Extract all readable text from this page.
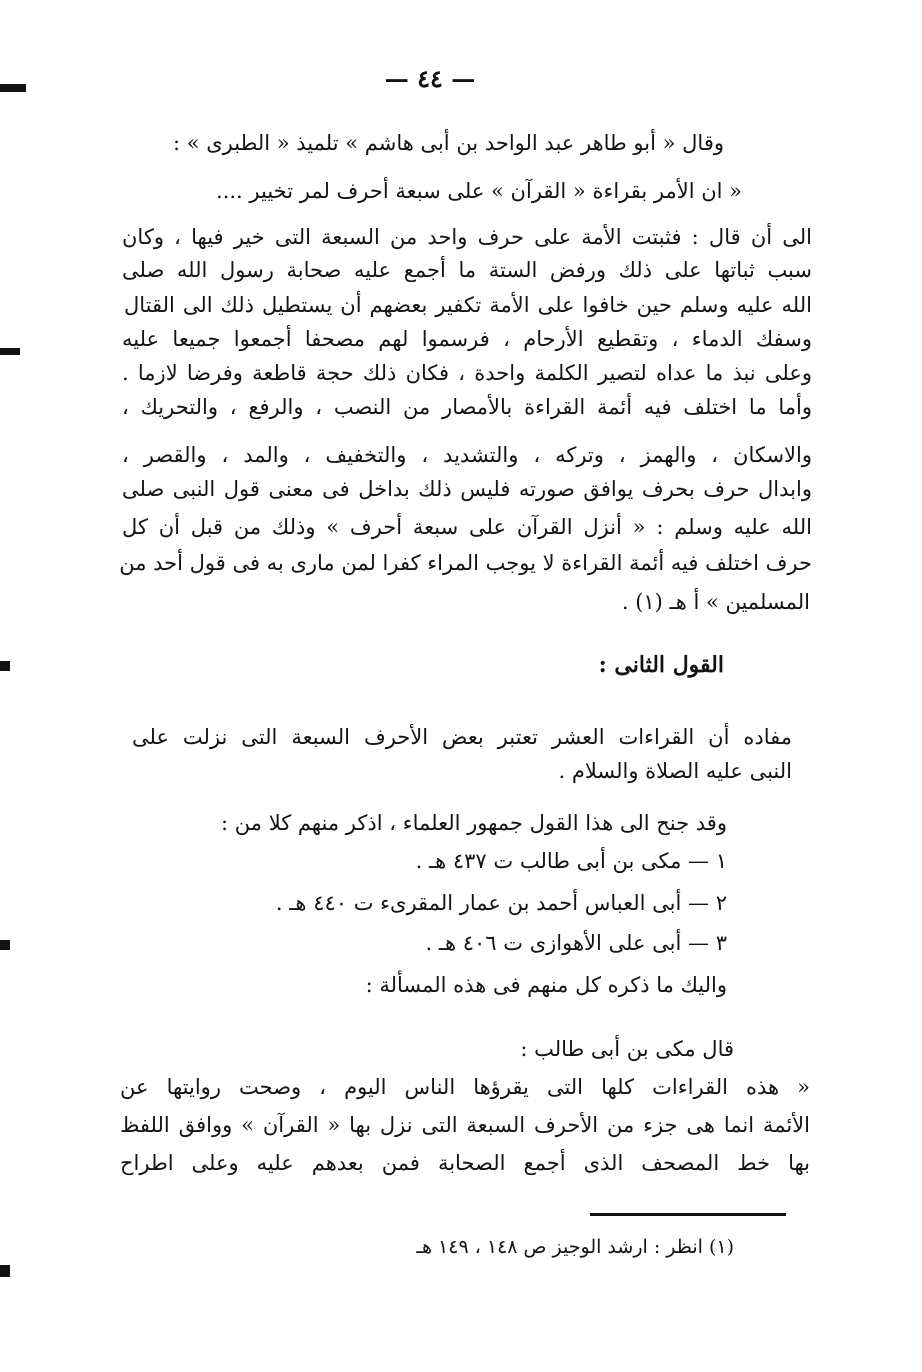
— ٤٤ —
وقال « أبو طاهر عبد الواحد بن أبى هاشم » تلميذ « الطبرى » :
« ان الأمر بقراءة « القرآن » على سبعة أحرف لمر تخيير ....
الى أن قال : فثبتت الأمة على حرف واحد من السبعة التى خير فيها ، وكان
سبب ثباتها على ذلك ورفض الستة ما أجمع عليه صحابة رسول الله صلى
الله عليه وسلم حين خافوا على الأمة تكفير بعضهم أن يستطيل ذلك الى القتال
وسفك الدماء ، وتقطيع الأرحام ، فرسموا لهم مصحفا أجمعوا جميعا عليه
وعلى نبذ ما عداه لتصير الكلمة واحدة ، فكان ذلك حجة قاطعة وفرضا لازما .
وأما ما اختلف فيه أئمة القراءة بالأمصار من النصب ، والرفع ، والتحريك ،
والاسكان ، والهمز ، وتركه ، والتشديد ، والتخفيف ، والمد ، والقصر ،
وابدال حرف بحرف يوافق صورته فليس ذلك بداخل فى معنى قول النبى صلى
الله عليه وسلم : « أنزل القرآن على سبعة أحرف » وذلك من قبل أن كل
حرف اختلف فيه أئمة القراءة لا يوجب المراء كفرا لمن مارى به فى قول أحد من
المسلمين » أ هـ (١) .
القول الثانى :
مفاده أن القراءات العشر تعتبر بعض الأحرف السبعة التى نزلت على
النبى عليه الصلاة والسلام .
وقد جنح الى هذا القول جمهور العلماء ، اذكر منهم كلا من :
١ — مكى بن أبى طالب ت ٤٣٧ هـ .
٢ — أبى العباس أحمد بن عمار المقرىء ت ٤٤٠ هـ .
٣ — أبى على الأهوازى ت ٤٠٦ هـ .
واليك ما ذكره كل منهم فى هذه المسألة :
قال مكى بن أبى طالب :
« هذه القراءات كلها التى يقرؤها الناس اليوم ، وصحت روايتها عن
الأئمة انما هى جزء من الأحرف السبعة التى نزل بها « القرآن » ووافق اللفظ
بها خط المصحف الذى أجمع الصحابة فمن بعدهم عليه وعلى اطراح
(١) انظر : ارشد الوجيز ص ١٤٨ ، ١٤٩ هـ
